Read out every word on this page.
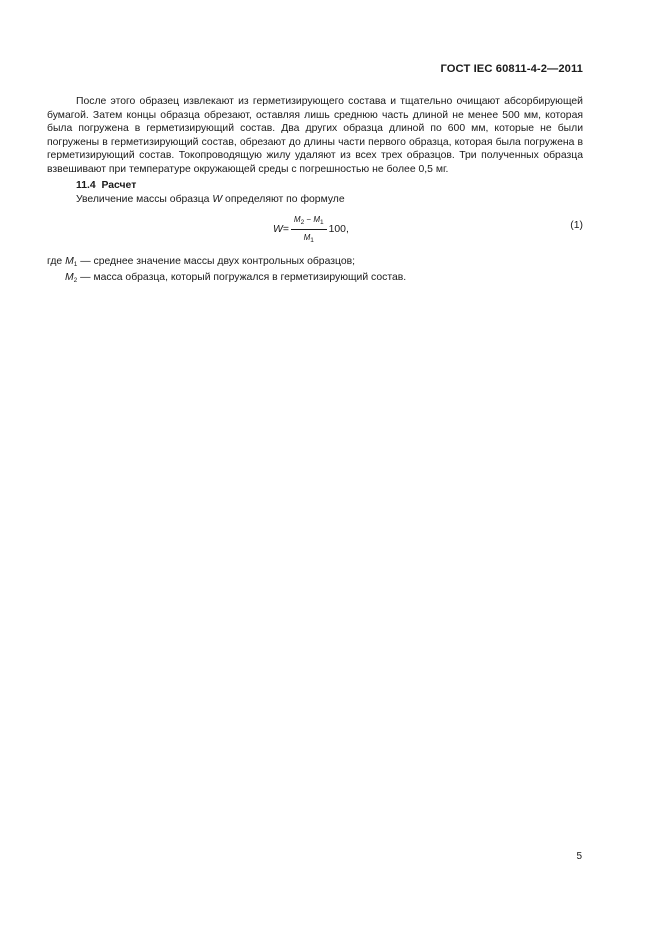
ГОСТ IEC 60811-4-2—2011

После этого образец извлекают из герметизирующего состава и тщательно очищают абсорбирующей бумагой. Затем концы образца обрезают, оставляя лишь среднюю часть длиной не менее 500 мм, которая была погружена в герметизирующий состав. Два других образца длиной по 600 мм, которые не были погружены в герметизирующий состав, обрезают до длины части первого образца, которая была погружена в герметизирующий состав. Токопроводящую жилу удаляют из всех трех образцов. Три полученных образца взвешивают при температуре окружающей среды с погрешностью не более 0,5 мг.

11.4 Расчет

Увеличение массы образца W определяют по формуле

$W = \frac{M_2 - M_1}{M_1} 100$,	(1)

где $M_1$ — среднее значение массы двух контрольных образцов;

$M_2$ — масса образца, который погружался в герметизирующий состав.

5
